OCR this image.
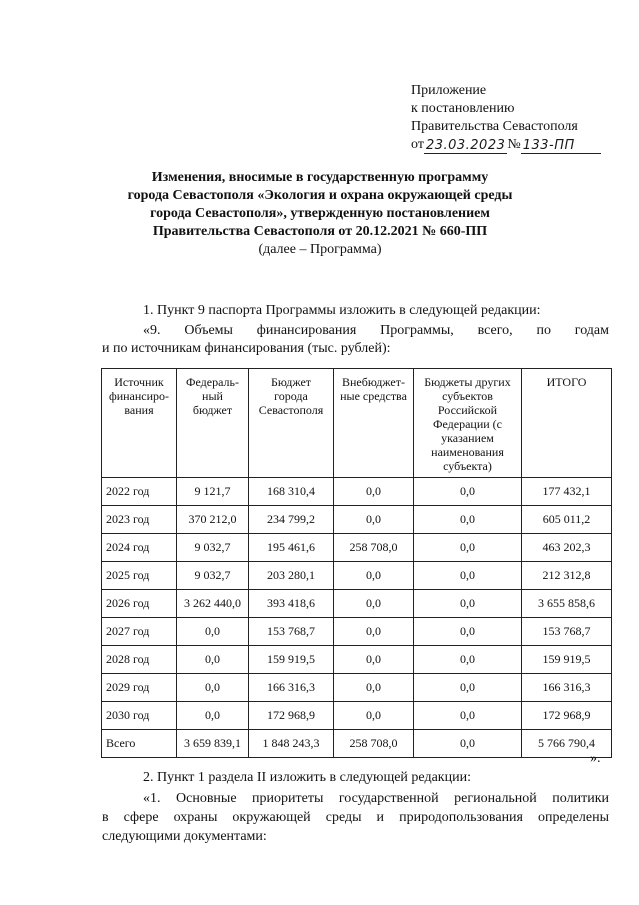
Приложение
к постановлению
Правительства Севастополя
от 23.03.2023 № 133-ПП
Изменения, вносимые в государственную программу
города Севастополя «Экология и охрана окружающей среды
города Севастополя», утвержденную постановлением
Правительства Севастополя от 20.12.2021 № 660-ПП
(далее – Программа)
1. Пункт 9 паспорта Программы изложить в следующей редакции:
«9. Объемы финансирования Программы, всего, по годам
и по источникам финансирования (тыс. рублей):
Источник финансиро-вания	Федераль-ный бюджет	Бюджет города Севастополя	Внебюджет-ные средства	Бюджеты других субъектов Российской Федерации (с указанием наименования субъекта)	ИТОГО
2022 год	9 121,7	168 310,4	0,0	0,0	177 432,1
2023 год	370 212,0	234 799,2	0,0	0,0	605 011,2
2024 год	9 032,7	195 461,6	258 708,0	0,0	463 202,3
2025 год	9 032,7	203 280,1	0,0	0,0	212 312,8
2026 год	3 262 440,0	393 418,6	0,0	0,0	3 655 858,6
2027 год	0,0	153 768,7	0,0	0,0	153 768,7
2028 год	0,0	159 919,5	0,0	0,0	159 919,5
2029 год	0,0	166 316,3	0,0	0,0	166 316,3
2030 год	0,0	172 968,9	0,0	0,0	172 968,9
Всего	3 659 839,1	1 848 243,3	258 708,0	0,0	5 766 790,4
».
2. Пункт 1 раздела II изложить в следующей редакции:
«1. Основные приоритеты государственной региональной политики
в сфере охраны окружающей среды и природопользования определены
следующими документами:
